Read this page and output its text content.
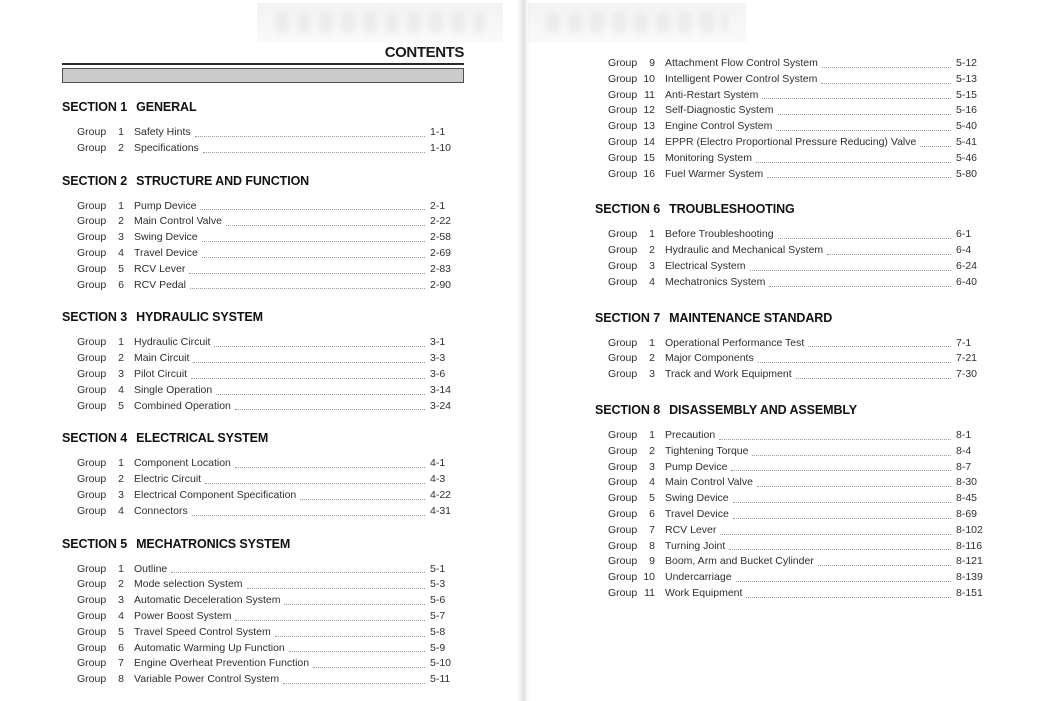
CONTENTS
SECTION 1 GENERAL
Group	1 Safety Hints	1-1
Group	2 Specifications	1-10
SECTION 2 STRUCTURE AND FUNCTION
Group	1 Pump Device	2-1
Group	2 Main Control Valve	2-22
Group	3 Swing Device	2-58
Group	4 Travel Device	2-69
Group	5 RCV Lever	2-83
Group	6 RCV Pedal	2-90
SECTION 3 HYDRAULIC SYSTEM
Group	1 Hydraulic Circuit	3-1
Group	2 Main Circuit	3-3
Group	3 Pilot Circuit	3-6
Group	4 Single Operation	3-14
Group	5 Combined Operation	3-24
SECTION 4 ELECTRICAL SYSTEM
Group	1 Component Location	4-1
Group	2 Electric Circuit	4-3
Group	3 Electrical Component Specification	4-22
Group	4 Connectors	4-31
SECTION 5 MECHATRONICS SYSTEM
Group	1 Outline	5-1
Group	2 Mode selection System	5-3
Group	3 Automatic Deceleration System	5-6
Group	4 Power Boost System	5-7
Group	5 Travel Speed Control System	5-8
Group	6 Automatic Warming Up Function	5-9
Group	7 Engine Overheat Prevention Function	5-10
Group	8 Variable Power Control System	5-11
Group	9 Attachment Flow Control System	5-12
Group 10 Intelligent Power Control System	5-13
Group 11 Anti-Restart System	5-15
Group 12 Self-Diagnostic System	5-16
Group 13 Engine Control System	5-40
Group 14 EPPR (Electro Proportional Pressure Reducing) Valve	5-41
Group 15 Monitoring System	5-46
Group 16 Fuel Warmer System	5-80
SECTION 6 TROUBLESHOOTING
Group	1 Before Troubleshooting	6-1
Group	2 Hydraulic and Mechanical System	6-4
Group	3 Electrical System	6-24
Group	4 Mechatronics System	6-40
SECTION 7 MAINTENANCE STANDARD
Group	1 Operational Performance Test	7-1
Group	2 Major Components	7-21
Group	3 Track and Work Equipment	7-30
SECTION 8 DISASSEMBLY AND ASSEMBLY
Group	1 Precaution	8-1
Group	2 Tightening Torque	8-4
Group	3 Pump Device	8-7
Group	4 Main Control Valve	8-30
Group	5 Swing Device	8-45
Group	6 Travel Device	8-69
Group	7 RCV Lever	8-102
Group	8 Turning Joint	8-116
Group	9 Boom, Arm and Bucket Cylinder	8-121
Group 10 Undercarriage	8-139
Group 11 Work Equipment	8-151
